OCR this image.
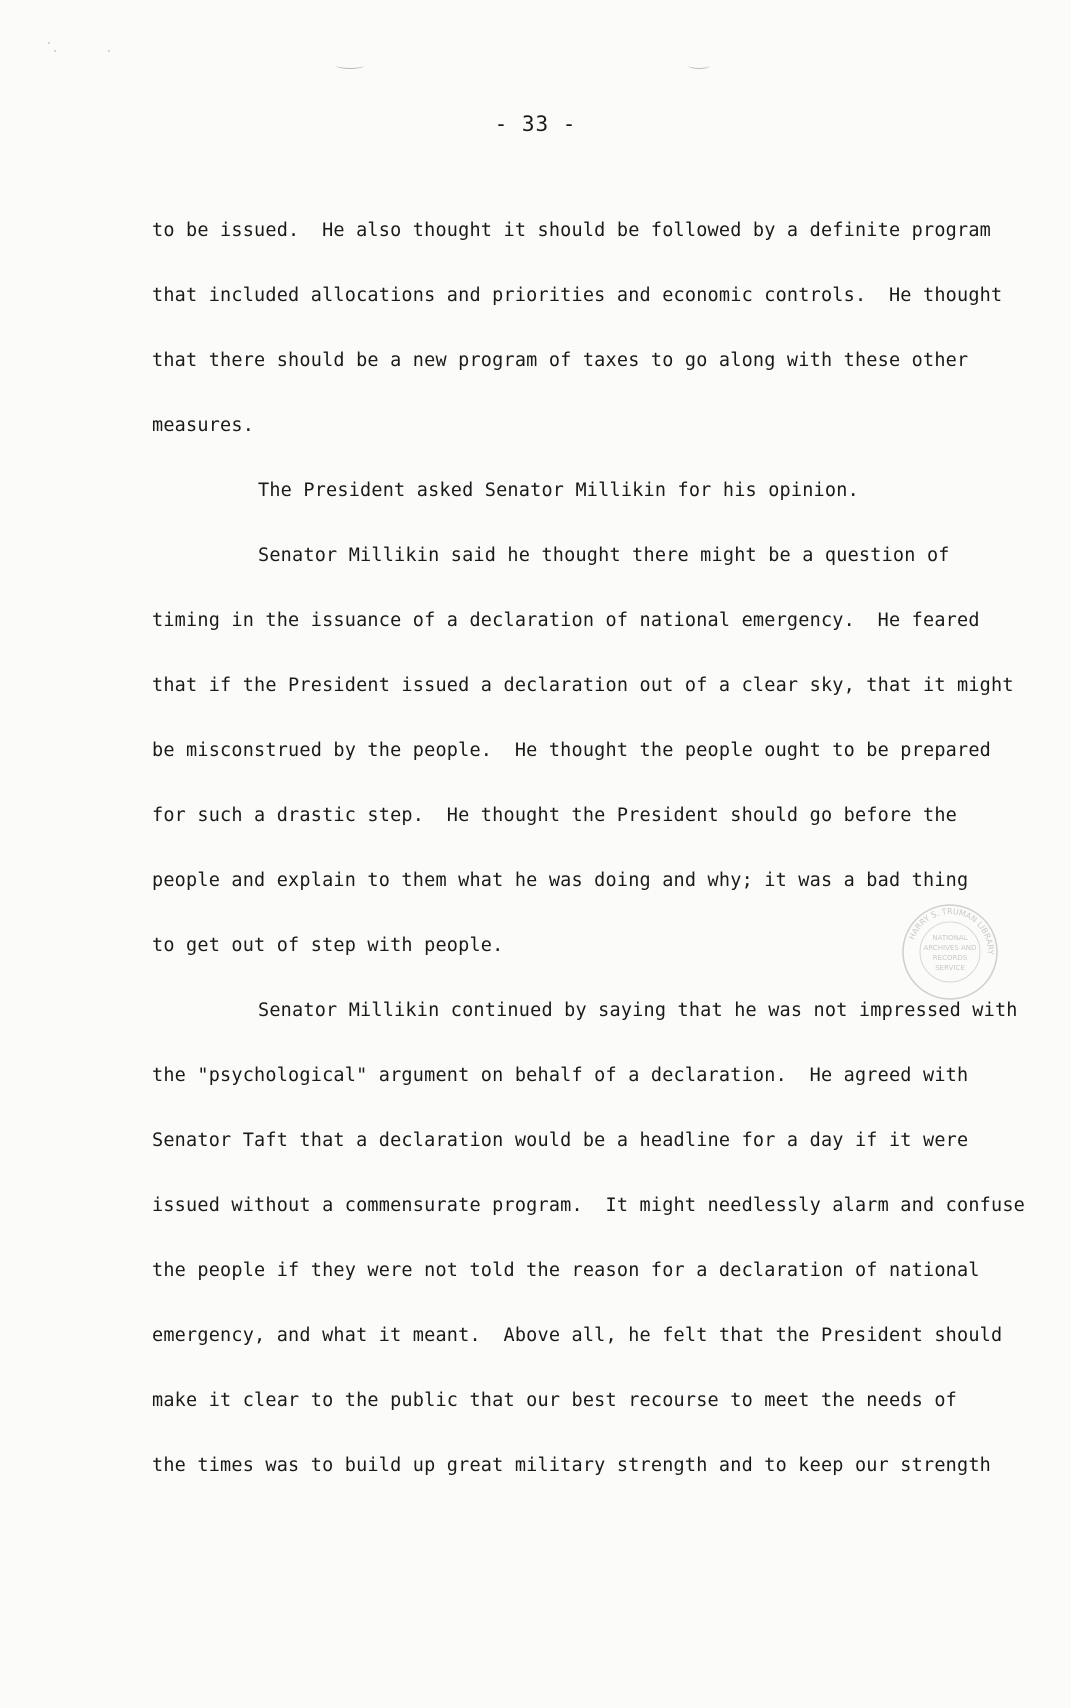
- 33 -
to be issued.  He also thought it should be followed by a definite program
that included allocations and priorities and economic controls.  He thought
that there should be a new program of taxes to go along with these other
measures.
The President asked Senator Millikin for his opinion.
Senator Millikin said he thought there might be a question of
timing in the issuance of a declaration of national emergency.  He feared
that if the President issued a declaration out of a clear sky, that it might
be misconstrued by the people.  He thought the people ought to be prepared
for such a drastic step.  He thought the President should go before the
people and explain to them what he was doing and why; it was a bad thing
to get out of step with people.
Senator Millikin continued by saying that he was not impressed with
the "psychological" argument on behalf of a declaration.  He agreed with
Senator Taft that a declaration would be a headline for a day if it were
issued without a commensurate program.  It might needlessly alarm and confuse
the people if they were not told the reason for a declaration of national
emergency, and what it meant.  Above all, he felt that the President should
make it clear to the public that our best recourse to meet the needs of
the times was to build up great military strength and to keep our strength
HARRY S. TRUMAN LIBRARY
NATIONAL
ARCHIVES AND
RECORDS
SERVICE
